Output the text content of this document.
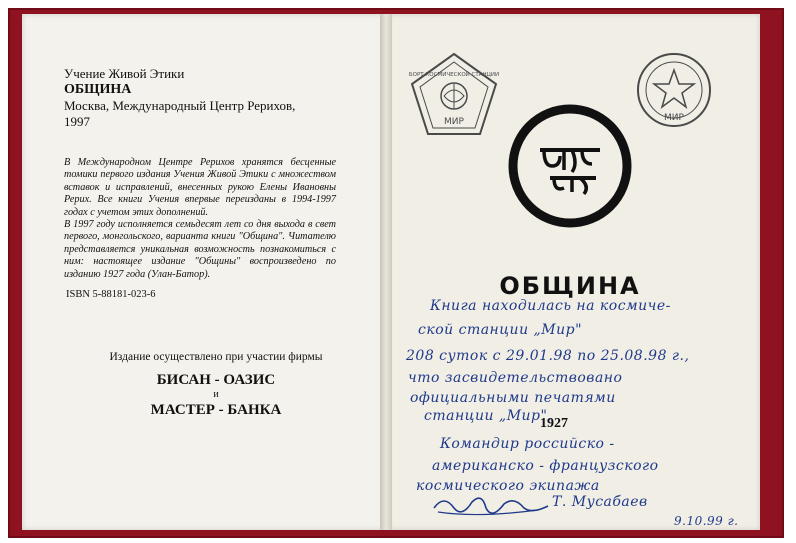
Учение Живой Этики
ОБЩИНА
Москва, Международный Центр Рерихов,
1997

В Международном Центре Рерихов хранятся бесценные томики первого издания Учения Живой Этики с множеством вставок и исправлений, внесенных рукою Елены Ивановны Рерих. Все книги Учения впервые переизданы в 1994-1997 годах с учетом этих дополнений.

В 1997 году исполняется семьдесят лет со дня выхода в свет первого, монгольского, варианта книги "Община". Читателю представляется уникальная возможность познакомиться с ним: настоящее издание "Общины" воспроизведено по изданию 1927 года (Улан-Батор).

ISBN 5-88181-023-6
Издание осуществлено при участии фирмы
БИСАН - ОАЗИС
и
МАСТЕР - БАНКА
МИР
БОРТ КОСМИЧЕСКОЙ СТАНЦИИ
МИР
ОБЩИНА
1927
Книга находилась на космиче-
ской станции „Мир"
208 суток с 29.01.98 по 25.08.98 г.,
что засвидетельствовано
официальными печатями
станции „Мир".
Командир российско -
американско - французского
космического экипажа
Т. Мусабаев
9.10.99 г.
